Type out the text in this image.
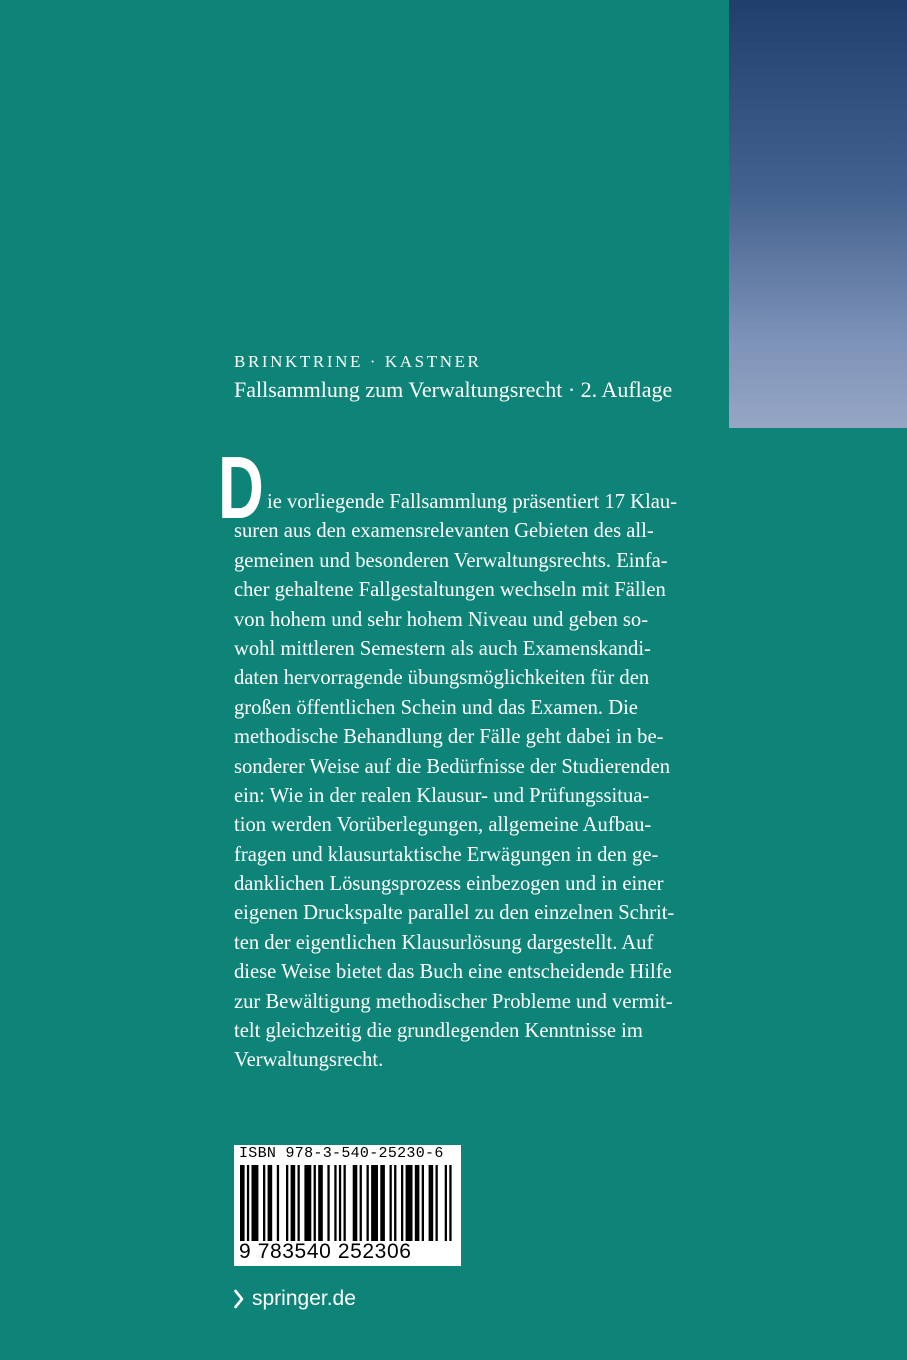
BRINKTRINE · KASTNER
Fallsammlung zum Verwaltungsrecht · 2. Auflage
D ie vorliegende Fallsammlung präsentiert 17 Klau-
suren aus den examensrelevanten Gebieten des all-
gemeinen und besonderen Verwaltungsrechts. Einfa-
cher gehaltene Fallgestaltungen wechseln mit Fällen
von hohem und sehr hohem Niveau und geben so-
wohl mittleren Semestern als auch Examenskandi-
daten hervorragende übungsmöglichkeiten für den
großen öffentlichen Schein und das Examen. Die
methodische Behandlung der Fälle geht dabei in be-
sonderer Weise auf die Bedürfnisse der Studierenden
ein: Wie in der realen Klausur- und Prüfungssitua-
tion werden Vorüberlegungen, allgemeine Aufbau-
fragen und klausurtaktische Erwägungen in den ge-
danklichen Lösungsprozess einbezogen und in einer
eigenen Druckspalte parallel zu den einzelnen Schrit-
ten der eigentlichen Klausurlösung dargestellt. Auf
diese Weise bietet das Buch eine entscheidende Hilfe
zur Bewältigung methodischer Probleme und vermit-
telt gleichzeitig die grundlegenden Kenntnisse im
Verwaltungsrecht.
ISBN 978-3-540-25230-6
9 783540 252306
springer.de
